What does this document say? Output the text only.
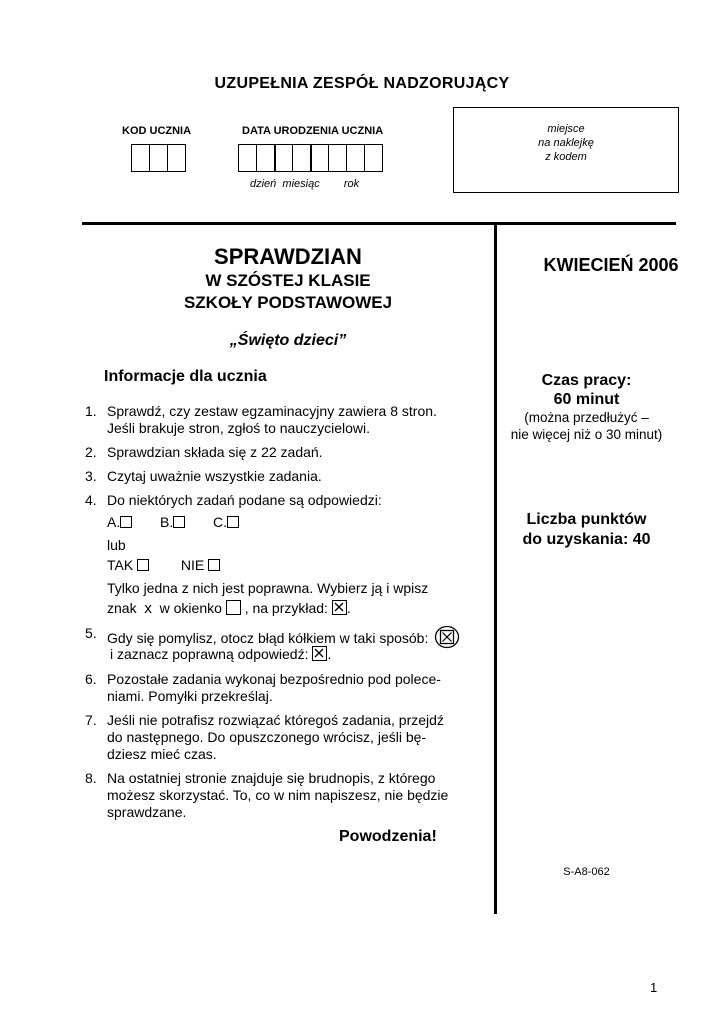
UZUPEŁNIA ZESPÓŁ NADZORUJĄCY
KOD UCZNIA	DATA URODZENIA UCZNIA
dzień miesiąc rok
miejsce
na naklejkę
z kodem
SPRAWDZIAN
W SZÓSTEJ KLASIE
SZKOŁY PODSTAWOWEJ
„Święto dzieci”
Informacje dla ucznia
1. Sprawdź, czy zestaw egzaminacyjny zawiera 8 stron.
Jeśli brakuje stron, zgłoś to nauczycielowi.
2. Sprawdzian składa się z 22 zadań.
3. Czytaj uważnie wszystkie zadania.
4. Do niektórych zadań podane są odpowiedzi:
A.	B.	C.
lub
TAK	NIE
Tylko jedna z nich jest poprawna. Wybierz ją i wpisz
znak x w okienko , na przykład: .
5. Gdy się pomylisz, otocz błąd kółkiem w taki sposób:
i zaznacz poprawną odpowiedź: .
6. Pozostałe zadania wykonaj bezpośrednio pod polece-
niami. Pomyłki przekreślaj.
7. Jeśli nie potrafisz rozwiązać któregoś zadania, przejdź
do następnego. Do opuszczonego wrócisz, jeśli bę-
dziesz mieć czas.
8. Na ostatniej stronie znajduje się brudnopis, z którego
możesz skorzystać. To, co w nim napiszesz, nie będzie
sprawdzane.
Powodzenia!
KWIECIEŃ 2006
Czas pracy:
60 minut
(można przedłużyć –
nie więcej niż o 30 minut)
Liczba punktów
do uzyskania: 40
S-A8-062
1
